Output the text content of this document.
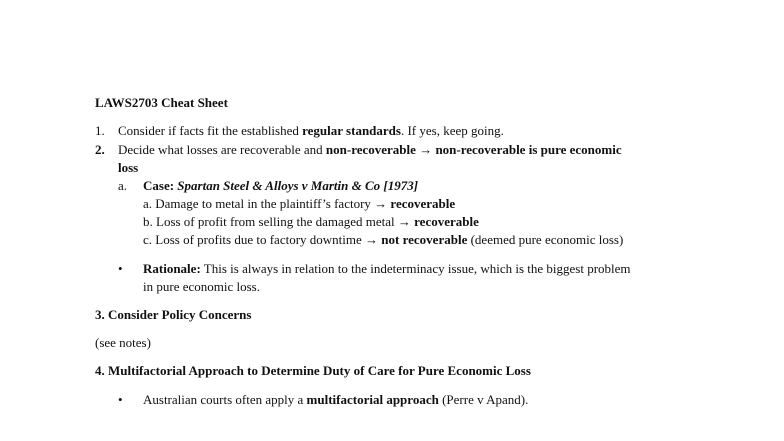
LAWS2703 Cheat Sheet
1. Consider if facts fit the established regular standards. If yes, keep going.
2. Decide what losses are recoverable and non-recoverable → non-recoverable is pure economic
loss
a. Case: Spartan Steel & Alloys v Martin & Co [1973]
a. Damage to metal in the plaintiff’s factory → recoverable
b. Loss of profit from selling the damaged metal → recoverable
c. Loss of profits due to factory downtime → not recoverable (deemed pure economic loss)
• Rationale: This is always in relation to the indeterminacy issue, which is the biggest problem
in pure economic loss.
3. Consider Policy Concerns
(see notes)
4. Multifactorial Approach to Determine Duty of Care for Pure Economic Loss
• Australian courts often apply a multifactorial approach (Perre v Apand).
